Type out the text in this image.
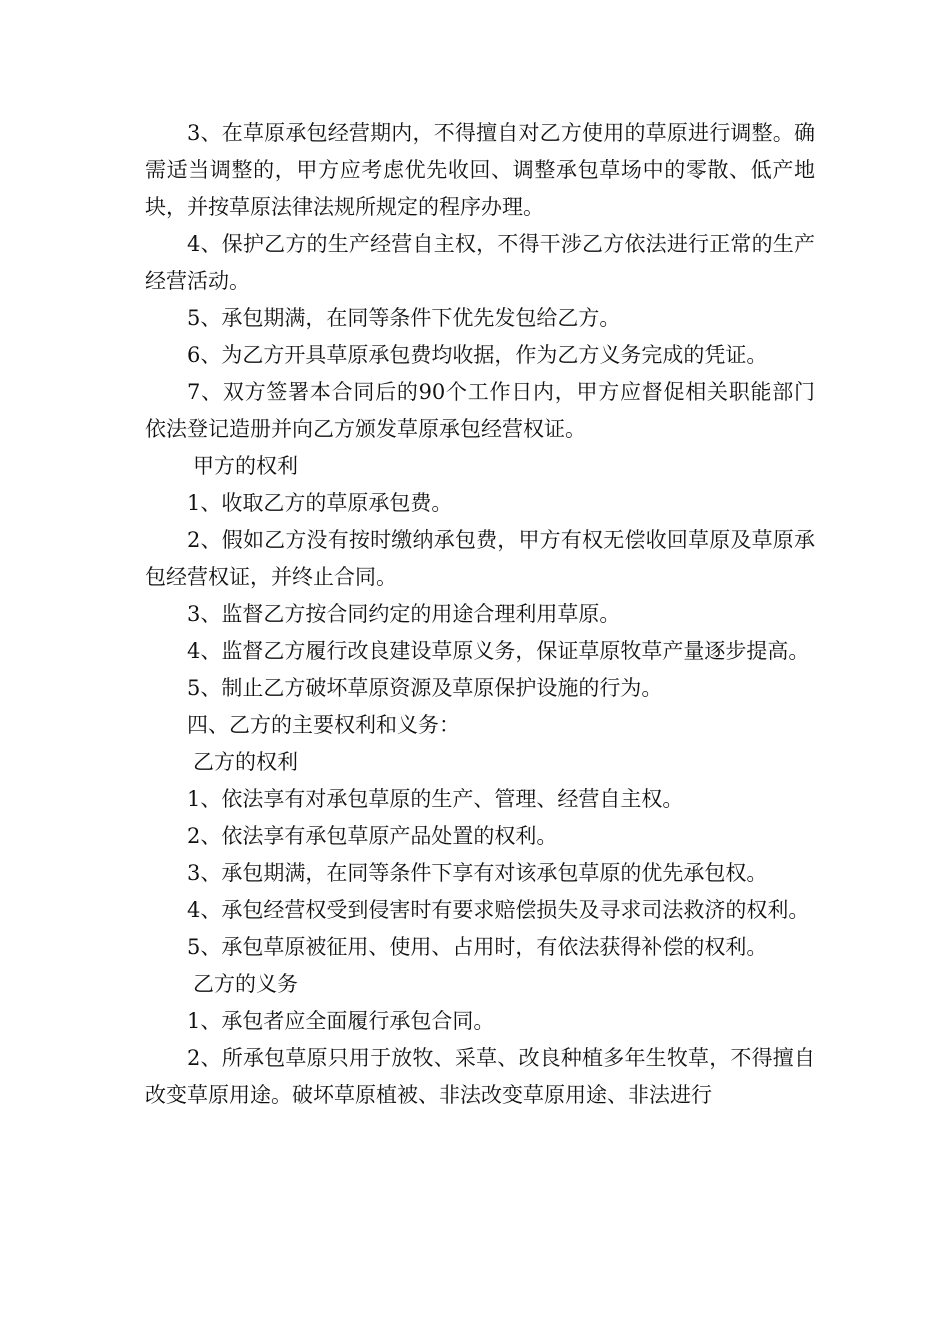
3、在草原承包经营期内，不得擅自对乙方使用的草原进行调整。确需适当调整的，甲方应考虑优先收回、调整承包草场中的零散、低产地块，并按草原法律法规所规定的程序办理。

4、保护乙方的生产经营自主权，不得干涉乙方依法进行正常的生产经营活动。

5、承包期满，在同等条件下优先发包给乙方。

6、为乙方开具草原承包费均收据，作为乙方义务完成的凭证。

7、双方签署本合同后的90个工作日内，甲方应督促相关职能部门依法登记造册并向乙方颁发草原承包经营权证。

甲方的权利

1、收取乙方的草原承包费。

2、假如乙方没有按时缴纳承包费，甲方有权无偿收回草原及草原承包经营权证，并终止合同。

3、监督乙方按合同约定的用途合理利用草原。

4、监督乙方履行改良建设草原义务，保证草原牧草产量逐步提高。

5、制止乙方破坏草原资源及草原保护设施的行为。

四、乙方的主要权利和义务：

乙方的权利

1、依法享有对承包草原的生产、管理、经营自主权。

2、依法享有承包草原产品处置的权利。

3、承包期满，在同等条件下享有对该承包草原的优先承包权。

4、承包经营权受到侵害时有要求赔偿损失及寻求司法救济的权利。

5、承包草原被征用、使用、占用时，有依法获得补偿的权利。

乙方的义务

1、承包者应全面履行承包合同。

2、所承包草原只用于放牧、采草、改良种植多年生牧草，不得擅自改变草原用途。破坏草原植被、非法改变草原用途、非法进行
